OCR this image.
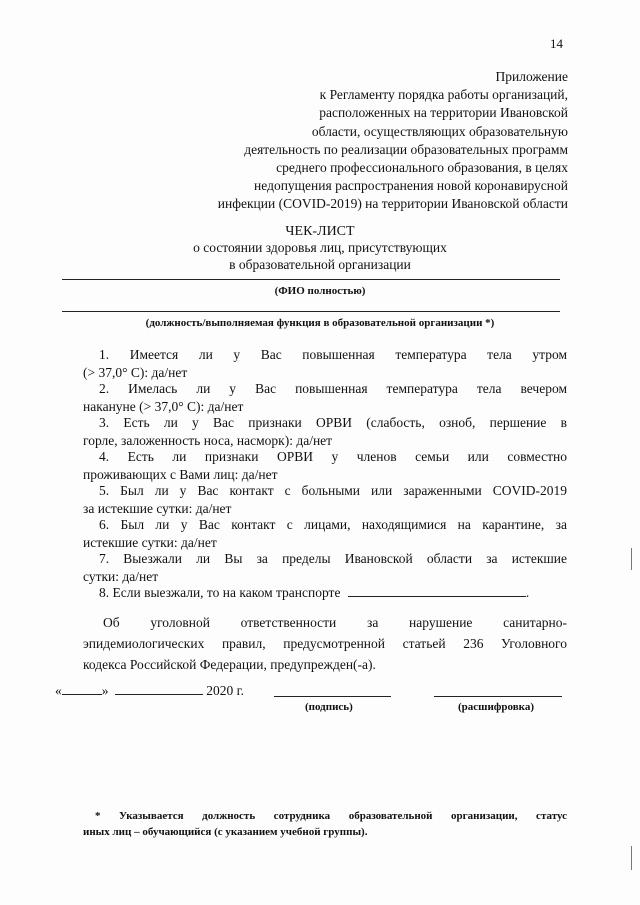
14
Приложение
к Регламенту порядка работы организаций,
расположенных на территории Ивановской
области, осуществляющих образовательную
деятельность по реализации образовательных программ
среднего профессионального образования, в целях
недопущения распространения новой коронавирусной
инфекции (COVID-2019) на территории Ивановской области
ЧЕК-ЛИСТ
о состоянии здоровья лиц, присутствующих
в образовательной организации
(ФИО полностью)
(должность/выполняемая функция в образовательной организации *)
1. Имеется ли у Вас повышенная температура тела утром
(> 37,0° С): да/нет
2. Имелась ли у Вас повышенная температура тела вечером
накануне (> 37,0° С): да/нет
3. Есть ли у Вас признаки ОРВИ (слабость, озноб, першение в
горле, заложенность носа, насморк): да/нет
4. Есть ли признаки ОРВИ у членов семьи или совместно
проживающих с Вами лиц: да/нет
5. Был ли у Вас контакт с больными или зараженными COVID-2019
за истекшие сутки: да/нет
6. Был ли у Вас контакт с лицами, находящимися на карантине, за
истекшие сутки: да/нет
7. Выезжали ли Вы за пределы Ивановской области за истекшие
сутки: да/нет
8. Если выезжали, то на каком транспорте	.
Об уголовной ответственности за нарушение санитарно-
эпидемиологических правил, предусмотренной статьей 236 Уголовного
кодекса Российской Федерации, предупрежден(-а).
«	»	2020 г.
(подпись)	(расшифровка)
* Указывается должность сотрудника образовательной организации, статус
иных лиц – обучающийся (с указанием учебной группы).
